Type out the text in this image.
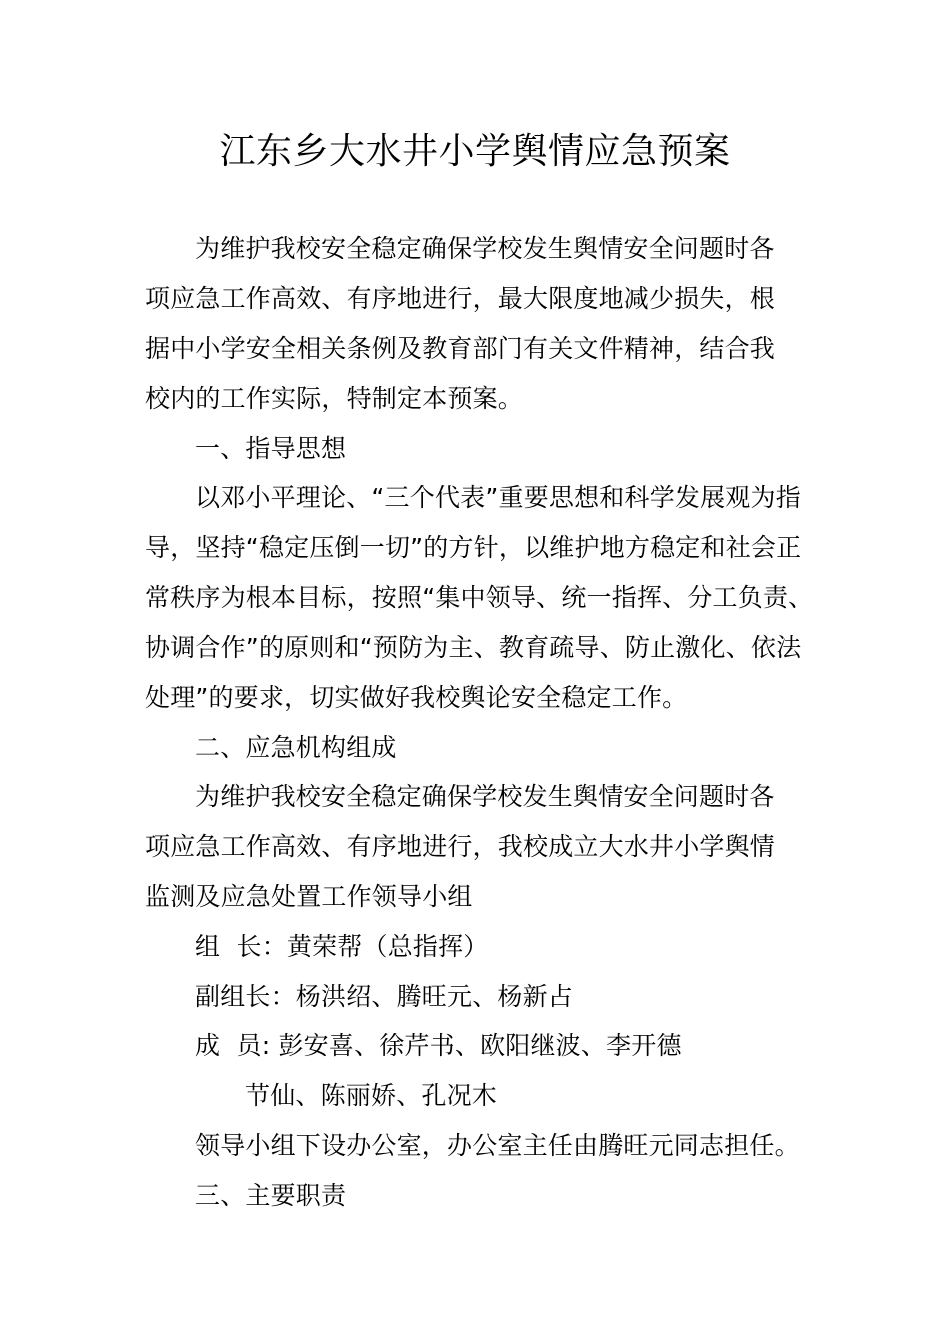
江东乡大水井小学舆情应急预案
为维护我校安全稳定确保学校发生舆情安全问题时各
项应急工作高效、有序地进行，最大限度地减少损失，根
据中小学安全相关条例及教育部门有关文件精神，结合我
校内的工作实际，特制定本预案。
一、指导思想
以邓小平理论、“三个代表”重要思想和科学发展观为指
导，坚持“稳定压倒一切”的方针，以维护地方稳定和社会正
常秩序为根本目标，按照“集中领导、统一指挥、分工负责、
协调合作”的原则和“预防为主、教育疏导、防止激化、依法
处理”的要求，切实做好我校舆论安全稳定工作。
二、应急机构组成
为维护我校安全稳定确保学校发生舆情安全问题时各
项应急工作高效、有序地进行，我校成立大水井小学舆情
监测及应急处置工作领导小组
组  长：黄荣帮（总指挥）
副组长：杨洪绍、腾旺元、杨新占
成  员: 彭安喜、徐芹书、欧阳继波、李开德
节仙、陈丽娇、孔况木
领导小组下设办公室，办公室主任由腾旺元同志担任。
三、主要职责
